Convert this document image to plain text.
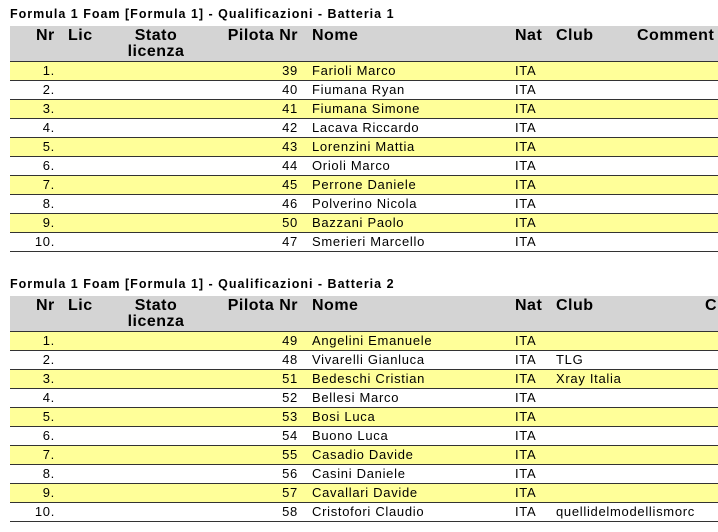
Formula 1 Foam [Formula 1] - Qualificazioni - Batteria 1
Nr Lic	Stato
licenza
Pilota Nr Nome	Nat Club	Comment
1.	39 Farioli Marco	ITA
2.	40 Fiumana Ryan	ITA
3.	41 Fiumana Simone	ITA
4.	42 Lacava Riccardo	ITA
5.	43 Lorenzini Mattia	ITA
6.	44 Orioli Marco	ITA
7.	45 Perrone Daniele	ITA
8.	46 Polverino Nicola	ITA
9.	50 Bazzani Paolo	ITA
10.	47 Smerieri Marcello	ITA
Formula 1 Foam [Formula 1] - Qualificazioni - Batteria 2
Nr Lic	Stato
licenza
Pilota Nr Nome	Nat Club	C
1.	49 Angelini Emanuele	ITA
2.	48 Vivarelli Gianluca	ITA TLG
3.	51 Bedeschi Cristian	ITA Xray Italia
4.	52 Bellesi Marco	ITA
5.	53 Bosi Luca	ITA
6.	54 Buono Luca	ITA
7.	55 Casadio Davide	ITA
8.	56 Casini Daniele	ITA
9.	57 Cavallari Davide	ITA
10.	58 Cristofori Claudio	ITA quellidelmodellismorc
